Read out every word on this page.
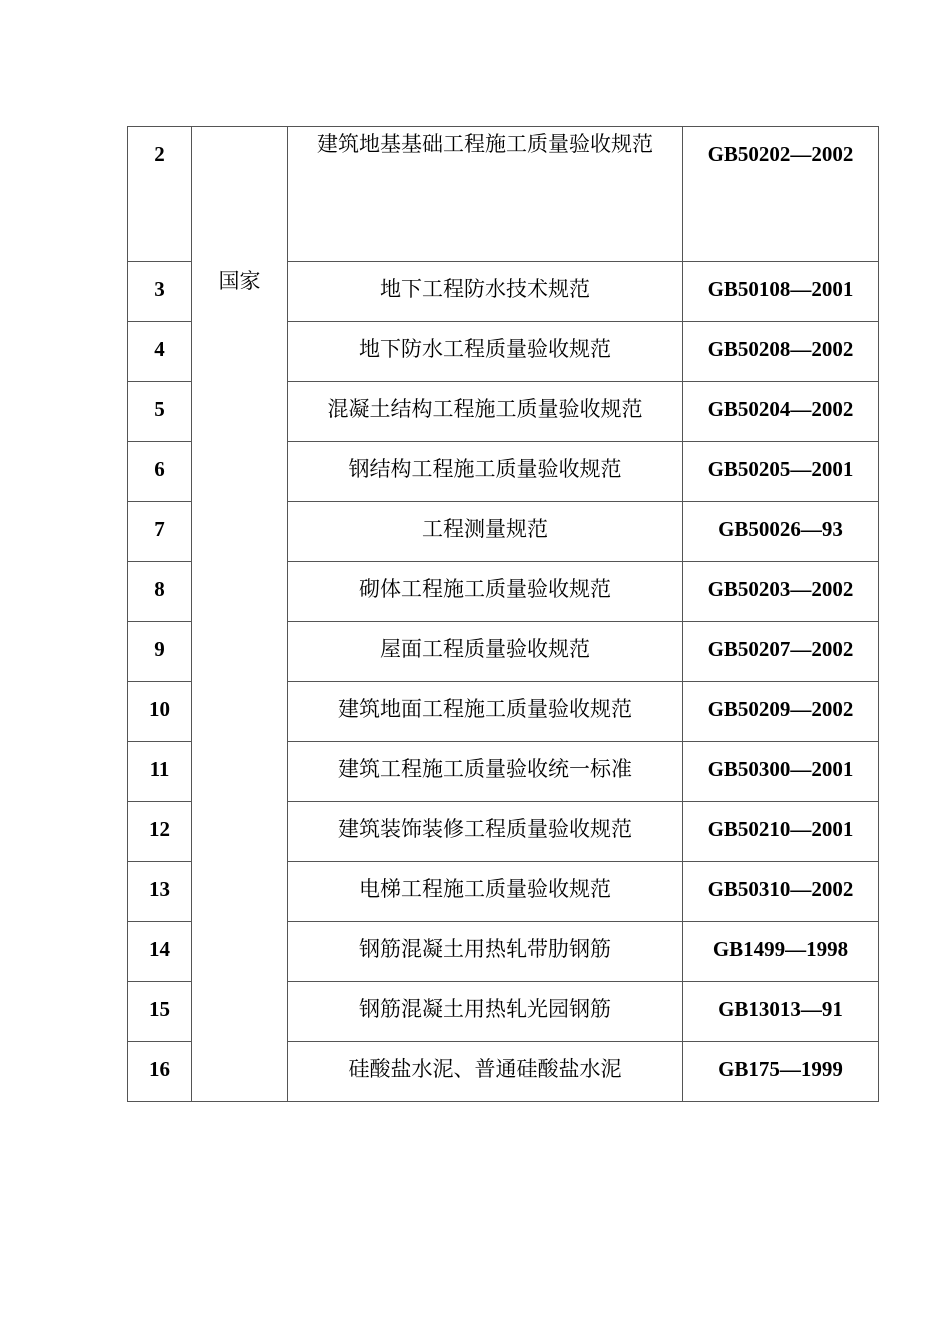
2	国家	建筑地基基础工程施工质量验收规范	GB50202—2002

3		地下工程防水技术规范	GB50108—2001

4		地下防水工程质量验收规范	GB50208—2002

5		混凝土结构工程施工质量验收规范	GB50204—2002

6		钢结构工程施工质量验收规范	GB50205—2001

7		工程测量规范	GB50026—93

8		砌体工程施工质量验收规范	GB50203—2002

9		屋面工程质量验收规范	GB50207—2002

10		建筑地面工程施工质量验收规范	GB50209—2002

11		建筑工程施工质量验收统一标准	GB50300—2001

12		建筑装饰装修工程质量验收规范	GB50210—2001

13		电梯工程施工质量验收规范	GB50310—2002

14		钢筋混凝土用热轧带肋钢筋	GB1499—1998

15		钢筋混凝土用热轧光园钢筋	GB13013—91

16		硅酸盐水泥、普通硅酸盐水泥	GB175—1999
